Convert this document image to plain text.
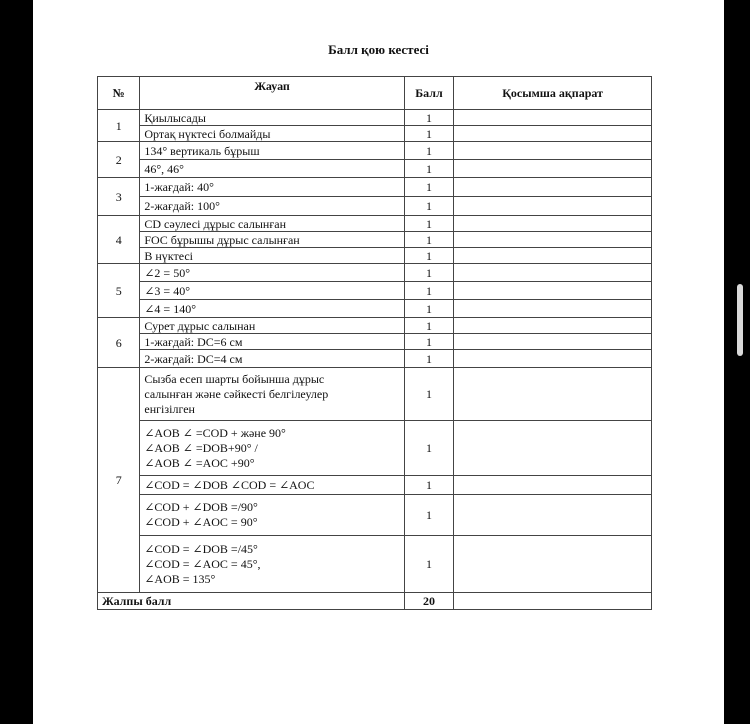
Балл қою кестесі
№	Жауап	Балл	Қосымша ақпарат
1	Қиылысады	1	
	Ортақ нүктесі болмайды	1	
2	134° вертикаль бұрыш	1	
	46°, 46°	1	
3	1-жағдай: 40°	1	
	2-жағдай: 100°	1	
4	CD сәулесі дұрыс салынған	1	
	FOC бұрышы дұрыс салынған	1	
	B нүктесі	1	
5	∠2 = 50°	1	
	∠3 = 40°	1	
	∠4 = 140°	1	
6	Сурет дұрыс салынан	1	
	1-жағдай: DC=6 см	1	
	2-жағдай: DC=4 см	1	
7	Сызба есеп шарты бойынша дұрыс
салынған және сәйкесті белгілеулер
енгізілген	1	

	∠AOB ∠ =COD + және 90°
∠AOB ∠ =DOB+90° /
∠AOB ∠ =AOC +90°	1	
	∠COD = ∠DOB ∠COD = ∠AOC	1	

	∠COD + ∠DOB =/90°
∠COD + ∠AOC = 90°	1	

	∠COD = ∠DOB =/45°
∠COD = ∠AOC = 45°,
∠AOB = 135°	1	
Жалпы балл		20	
